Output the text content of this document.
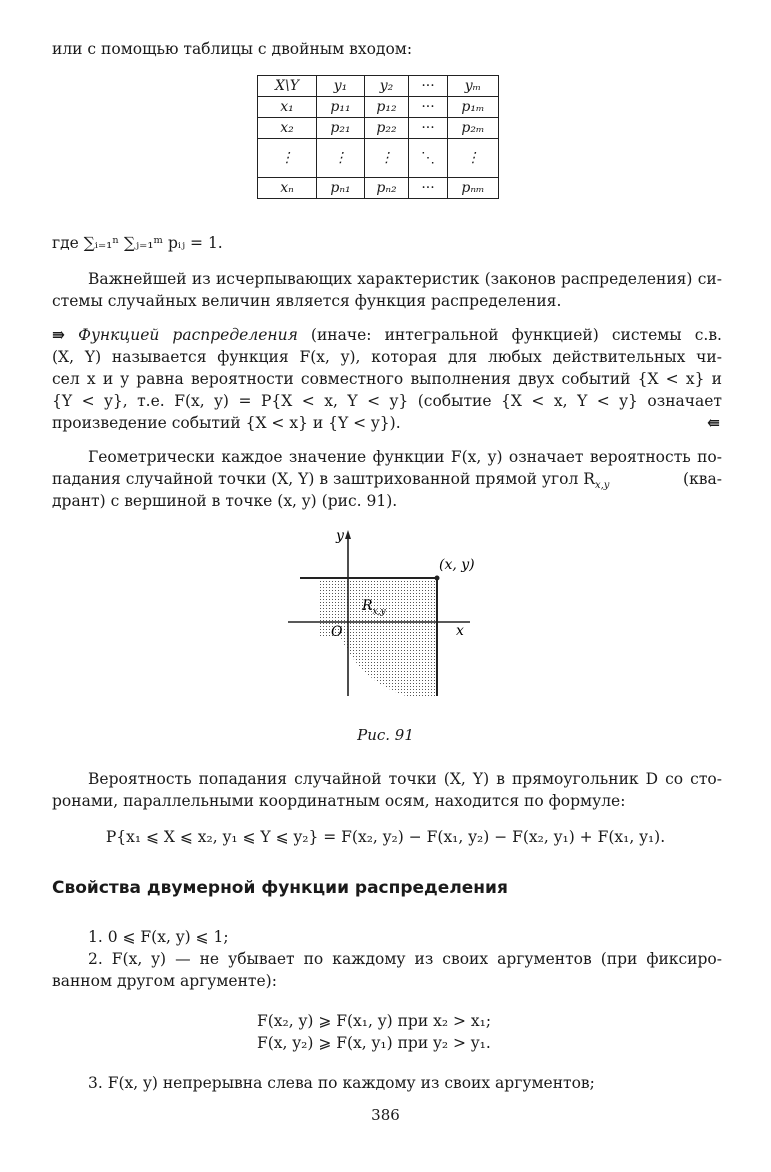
или с помощью таблицы с двойным входом:
X\Y	y₁	y₂	···	yₘ
x₁	p₁₁	p₁₂	···	p₁ₘ
x₂	p₂₁	p₂₂	···	p₂ₘ
⋮	⋮	⋮	⋱	⋮
xₙ	pₙ₁	pₙ₂	···	pₙₘ
где ∑ᵢ₌₁ⁿ ∑ⱼ₌₁ᵐ pᵢⱼ = 1.
Важнейшей из исчерпывающих характеристик (законов распределения) си-
стемы случайных величин является функция распределения.
⇛ Функцией распределения (иначе: интегральной функцией) системы с.в.
(X, Y) называется функция F(x, y), которая для любых действительных чи-
сел x и y равна вероятности совместного выполнения двух событий {X < x} и
{Y < y}, т.е. F(x, y) = P{X < x, Y < y} (событие {X < x, Y < y} означает
произведение событий {X < x} и {Y < y}).	⇚
Геометрически каждое значение функции F(x, y) означает вероятность по-
падания случайной точки (X, Y) в заштрихованной прямой угол $R_{x,y}$	(ква-
дрант) с вершиной в точке (x, y) (рис. 91).
y
x
O
(x, y)
$R_{x,y}$
Рис. 91
Вероятность попадания случайной точки (X, Y) в прямоугольник D со сто-
ронами, параллельными координатным осям, находится по формуле:
P{x₁ ⩽ X ⩽ x₂, y₁ ⩽ Y ⩽ y₂} = F(x₂, y₂) − F(x₁, y₂) − F(x₂, y₁) + F(x₁, y₁).
Свойства двумерной функции распределения
1. 0 ⩽ F(x, y) ⩽ 1;
2. F(x, y) — не убывает по каждому из своих аргументов (при фиксиро-
ванном другом аргументе):
F(x₂, y) ⩾ F(x₁, y) при x₂ > x₁;
F(x, y₂) ⩾ F(x, y₁) при y₂ > y₁.
3. F(x, y) непрерывна слева по каждому из своих аргументов;
386
